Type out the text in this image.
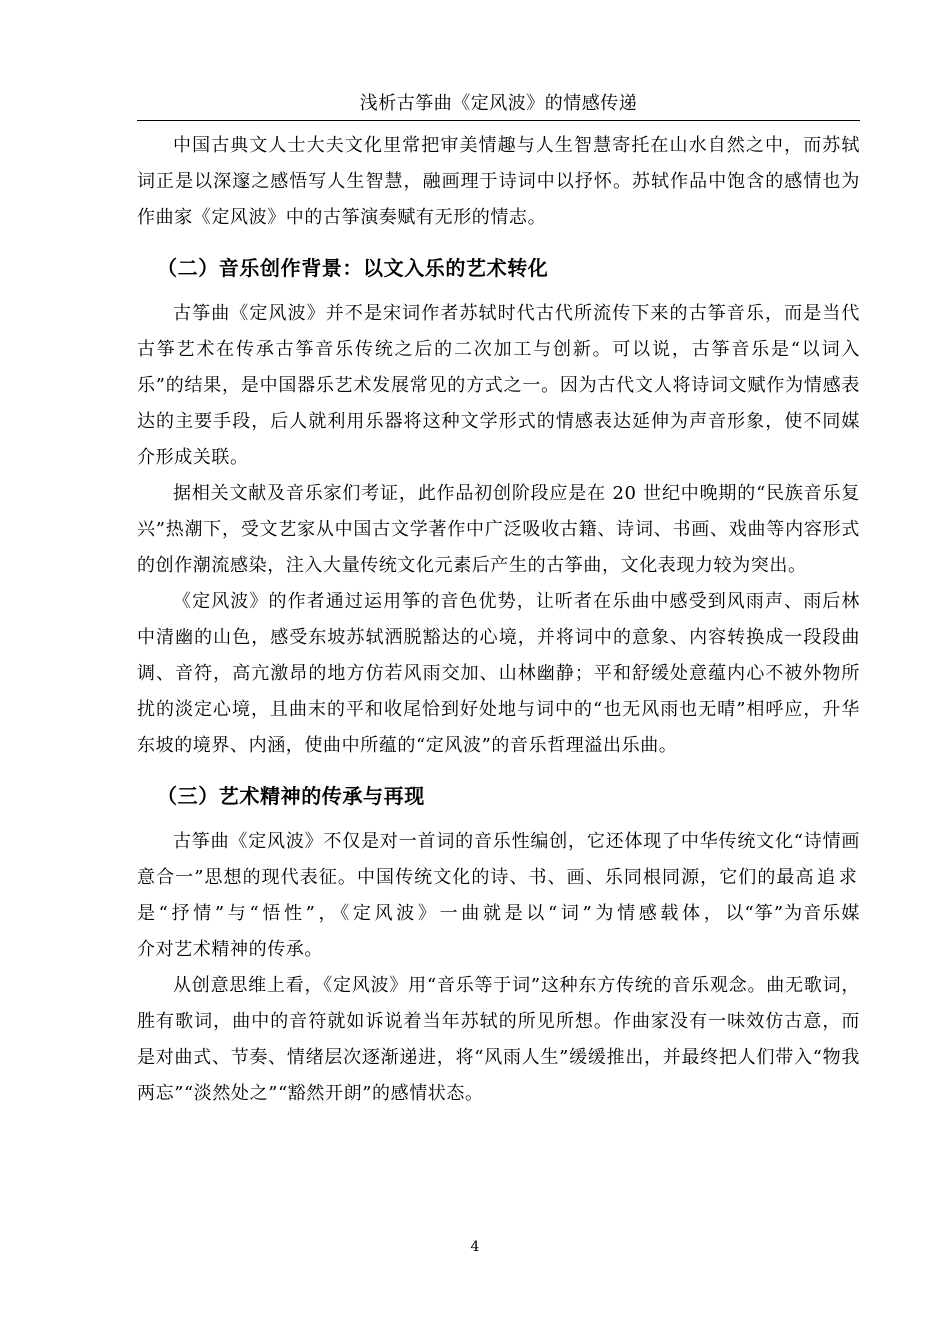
浅析古筝曲《定风波》的情感传递

中国古典文人士大夫文化里常把审美情趣与人生智慧寄托在山水自然之中，而苏轼词正是以深邃之感悟写人生智慧，融画理于诗词中以抒怀。苏轼作品中饱含的感情也为作曲家《定风波》中的古筝演奏赋有无形的情志。

（二）音乐创作背景：以文入乐的艺术转化

古筝曲《定风波》并不是宋词作者苏轼时代古代所流传下来的古筝音乐，而是当代古筝艺术在传承古筝音乐传统之后的二次加工与创新。可以说，古筝音乐是“以词入乐”的结果，是中国器乐艺术发展常见的方式之一。因为古代文人将诗词文赋作为情感表达的主要手段，后人就利用乐器将这种文学形式的情感表达延伸为声音形象，使不同媒介形成关联。

据相关文献及音乐家们考证，此作品初创阶段应是在 20 世纪中晚期的“民族音乐复兴”热潮下，受文艺家从中国古文学著作中广泛吸收古籍、诗词、书画、戏曲等内容形式的创作潮流感染，注入大量传统文化元素后产生的古筝曲，文化表现力较为突出。

《定风波》的作者通过运用筝的音色优势，让听者在乐曲中感受到风雨声、雨后林中清幽的山色，感受东坡苏轼洒脱豁达的心境，并将词中的意象、内容转换成一段段曲调、音符，高亢激昂的地方仿若风雨交加、山林幽静；平和舒缓处意蕴内心不被外物所扰的淡定心境，且曲末的平和收尾恰到好处地与词中的“也无风雨也无晴”相呼应，升华东坡的境界、内涵，使曲中所蕴的“定风波”的音乐哲理溢出乐曲。

（三）艺术精神的传承与再现

古筝曲《定风波》不仅是对一首词的音乐性编创，它还体现了中华传统文化“诗情画意合一”思想的现代表征。中国传统文化的诗、书、画、乐同根同源，它们的最高追求是“抒情”与“悟性”，《定风波》一曲就是以“词”为情感载体，以“筝”为音乐媒介对艺术精神的传承。

从创意思维上看，《定风波》用“音乐等于词”这种东方传统的音乐观念。曲无歌词，胜有歌词，曲中的音符就如诉说着当年苏轼的所见所想。作曲家没有一味效仿古意，而是对曲式、节奏、情绪层次逐渐递进，将“风雨人生”缓缓推出，并最终把人们带入“物我两忘”“淡然处之”“豁然开朗”的感情状态。

4
